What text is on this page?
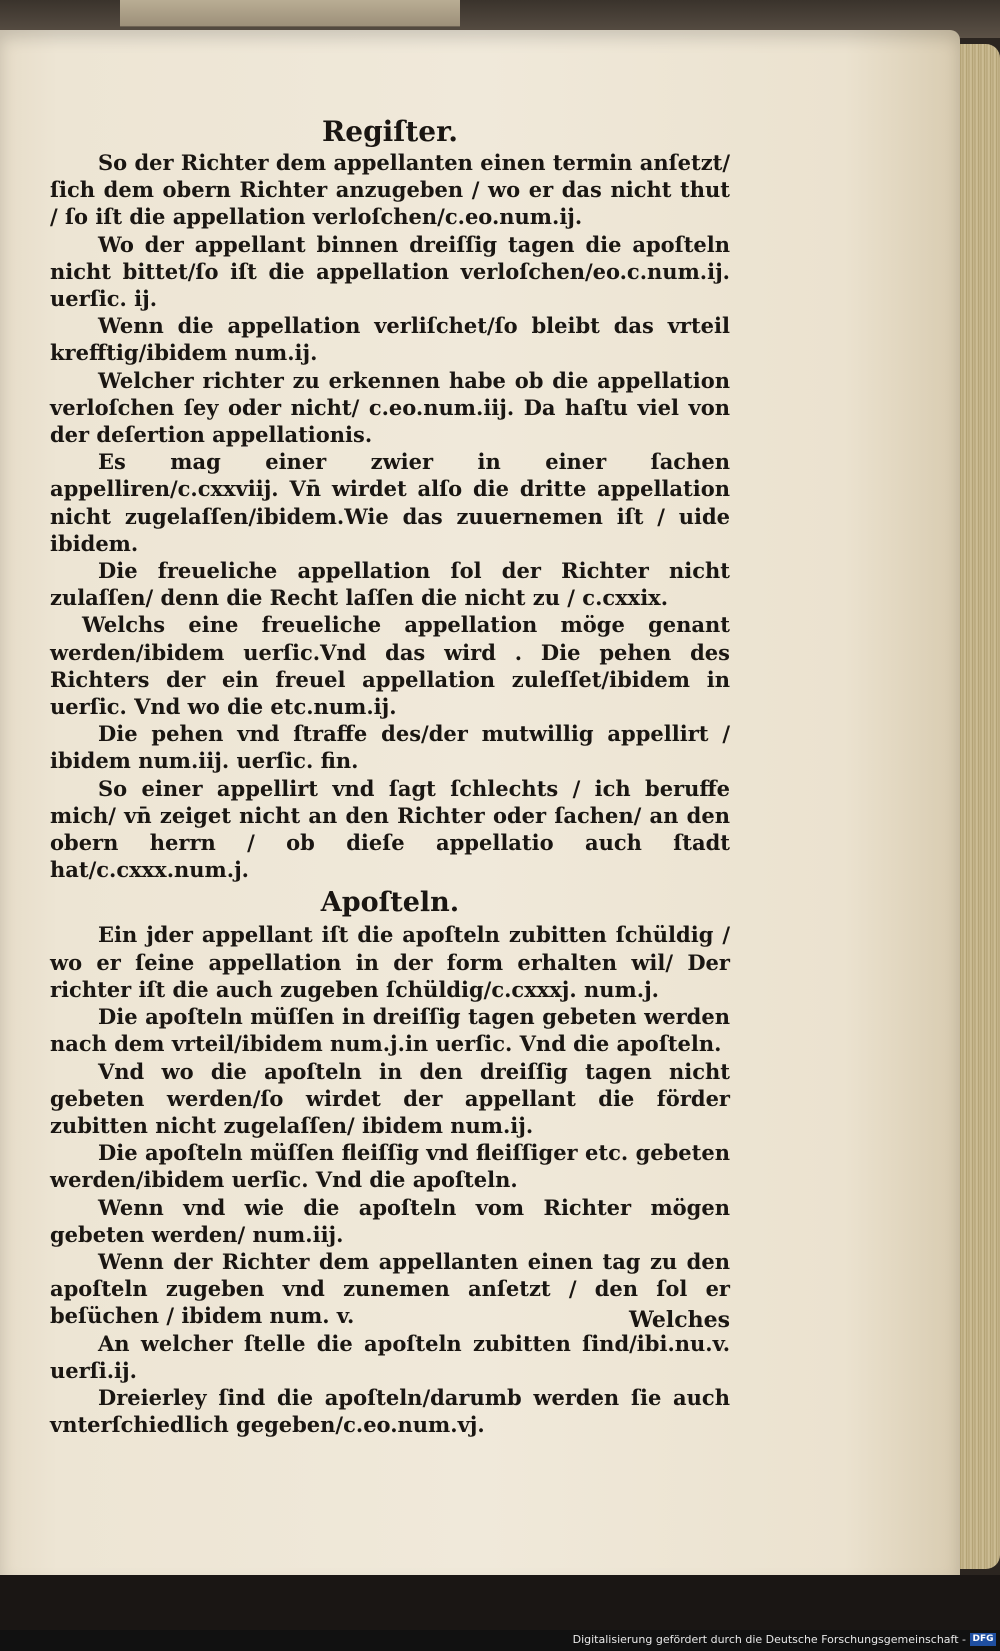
Regiſter.

So der Richter dem appellanten einen termin anſetzt/ſich dem obern Richter anzugeben / wo er das nicht thut / ſo iſt die appellation verloſchen/c.eo.num.ij.

Wo der appellant binnen dreiſſig tagen die apoſteln nicht bittet/ſo iſt die appellation verloſchen/eo.c.num.ij. uerſic. ij.

Wenn die appellation verliſchet/ſo bleibt das vrteil krefftig/ibidem num.ij.

Welcher richter zu erkennen habe ob die appellation verloſchen ſey oder nicht/ c.eo.num.iij. Da haſtu viel von der deſertion appellationis.

Es mag einer zwier in einer ſachen appelliren/c.cxxviij. Vn̄ wirdet alſo die dritte appellation nicht zugelaſſen/ibidem.Wie das zuuernemen iſt / uide ibidem.

Die freueliche appellation ſol der Richter nicht zulaſſen/ denn die Recht laſſen die nicht zu / c.cxxix.

Welchs eine freueliche appellation möge genant werden/ibidem uerſic.Vnd das wird . Die pehen des Richters der ein freuel appellation zuleſſet/ibidem in uerſic. Vnd wo die etc.num.ij.

Die pehen vnd ſtraffe des/der mutwillig appellirt / ibidem num.iij. uerſic. fin.

So einer appellirt vnd ſagt ſchlechts / ich beruffe mich/ vn̄ zeiget nicht an den Richter oder ſachen/ an den obern herrn / ob dieſe appellatio auch ſtadt hat/c.cxxx.num.j.

Apoſteln.

Ein jder appellant iſt die apoſteln zubitten ſchüldig / wo er ſeine appellation in der form erhalten wil/ Der richter iſt die auch zugeben ſchüldig/c.cxxxj. num.j.

Die apoſteln müſſen in dreiſſig tagen gebeten werden nach dem vrteil/ibidem num.j.in uerſic. Vnd die apoſteln.

Vnd wo die apoſteln in den dreiſſig tagen nicht gebeten werden/ſo wirdet der appellant die förder zubitten nicht zugelaſſen/ ibidem num.ij.

Die apoſteln müſſen fleiſſig vnd fleiſſiger etc. gebeten werden/ibidem uerſic. Vnd die apoſteln.

Wenn vnd wie die apoſteln vom Richter mögen gebeten werden/ num.iij.

Wenn der Richter dem appellanten einen tag zu den apoſteln zugeben vnd zunemen anſetzt / den ſol er beſüchen / ibidem num. v.

An welcher ſtelle die apoſteln zubitten ſind/ibi.nu.v. uerſi.ij.

Dreierley ſind die apoſteln/darumb werden ſie auch vnterſchiedlich gegeben/c.eo.num.vj.

Welches
Digitalisierung gefördert durch die Deutsche Forschungsgemeinschaft - DFG
